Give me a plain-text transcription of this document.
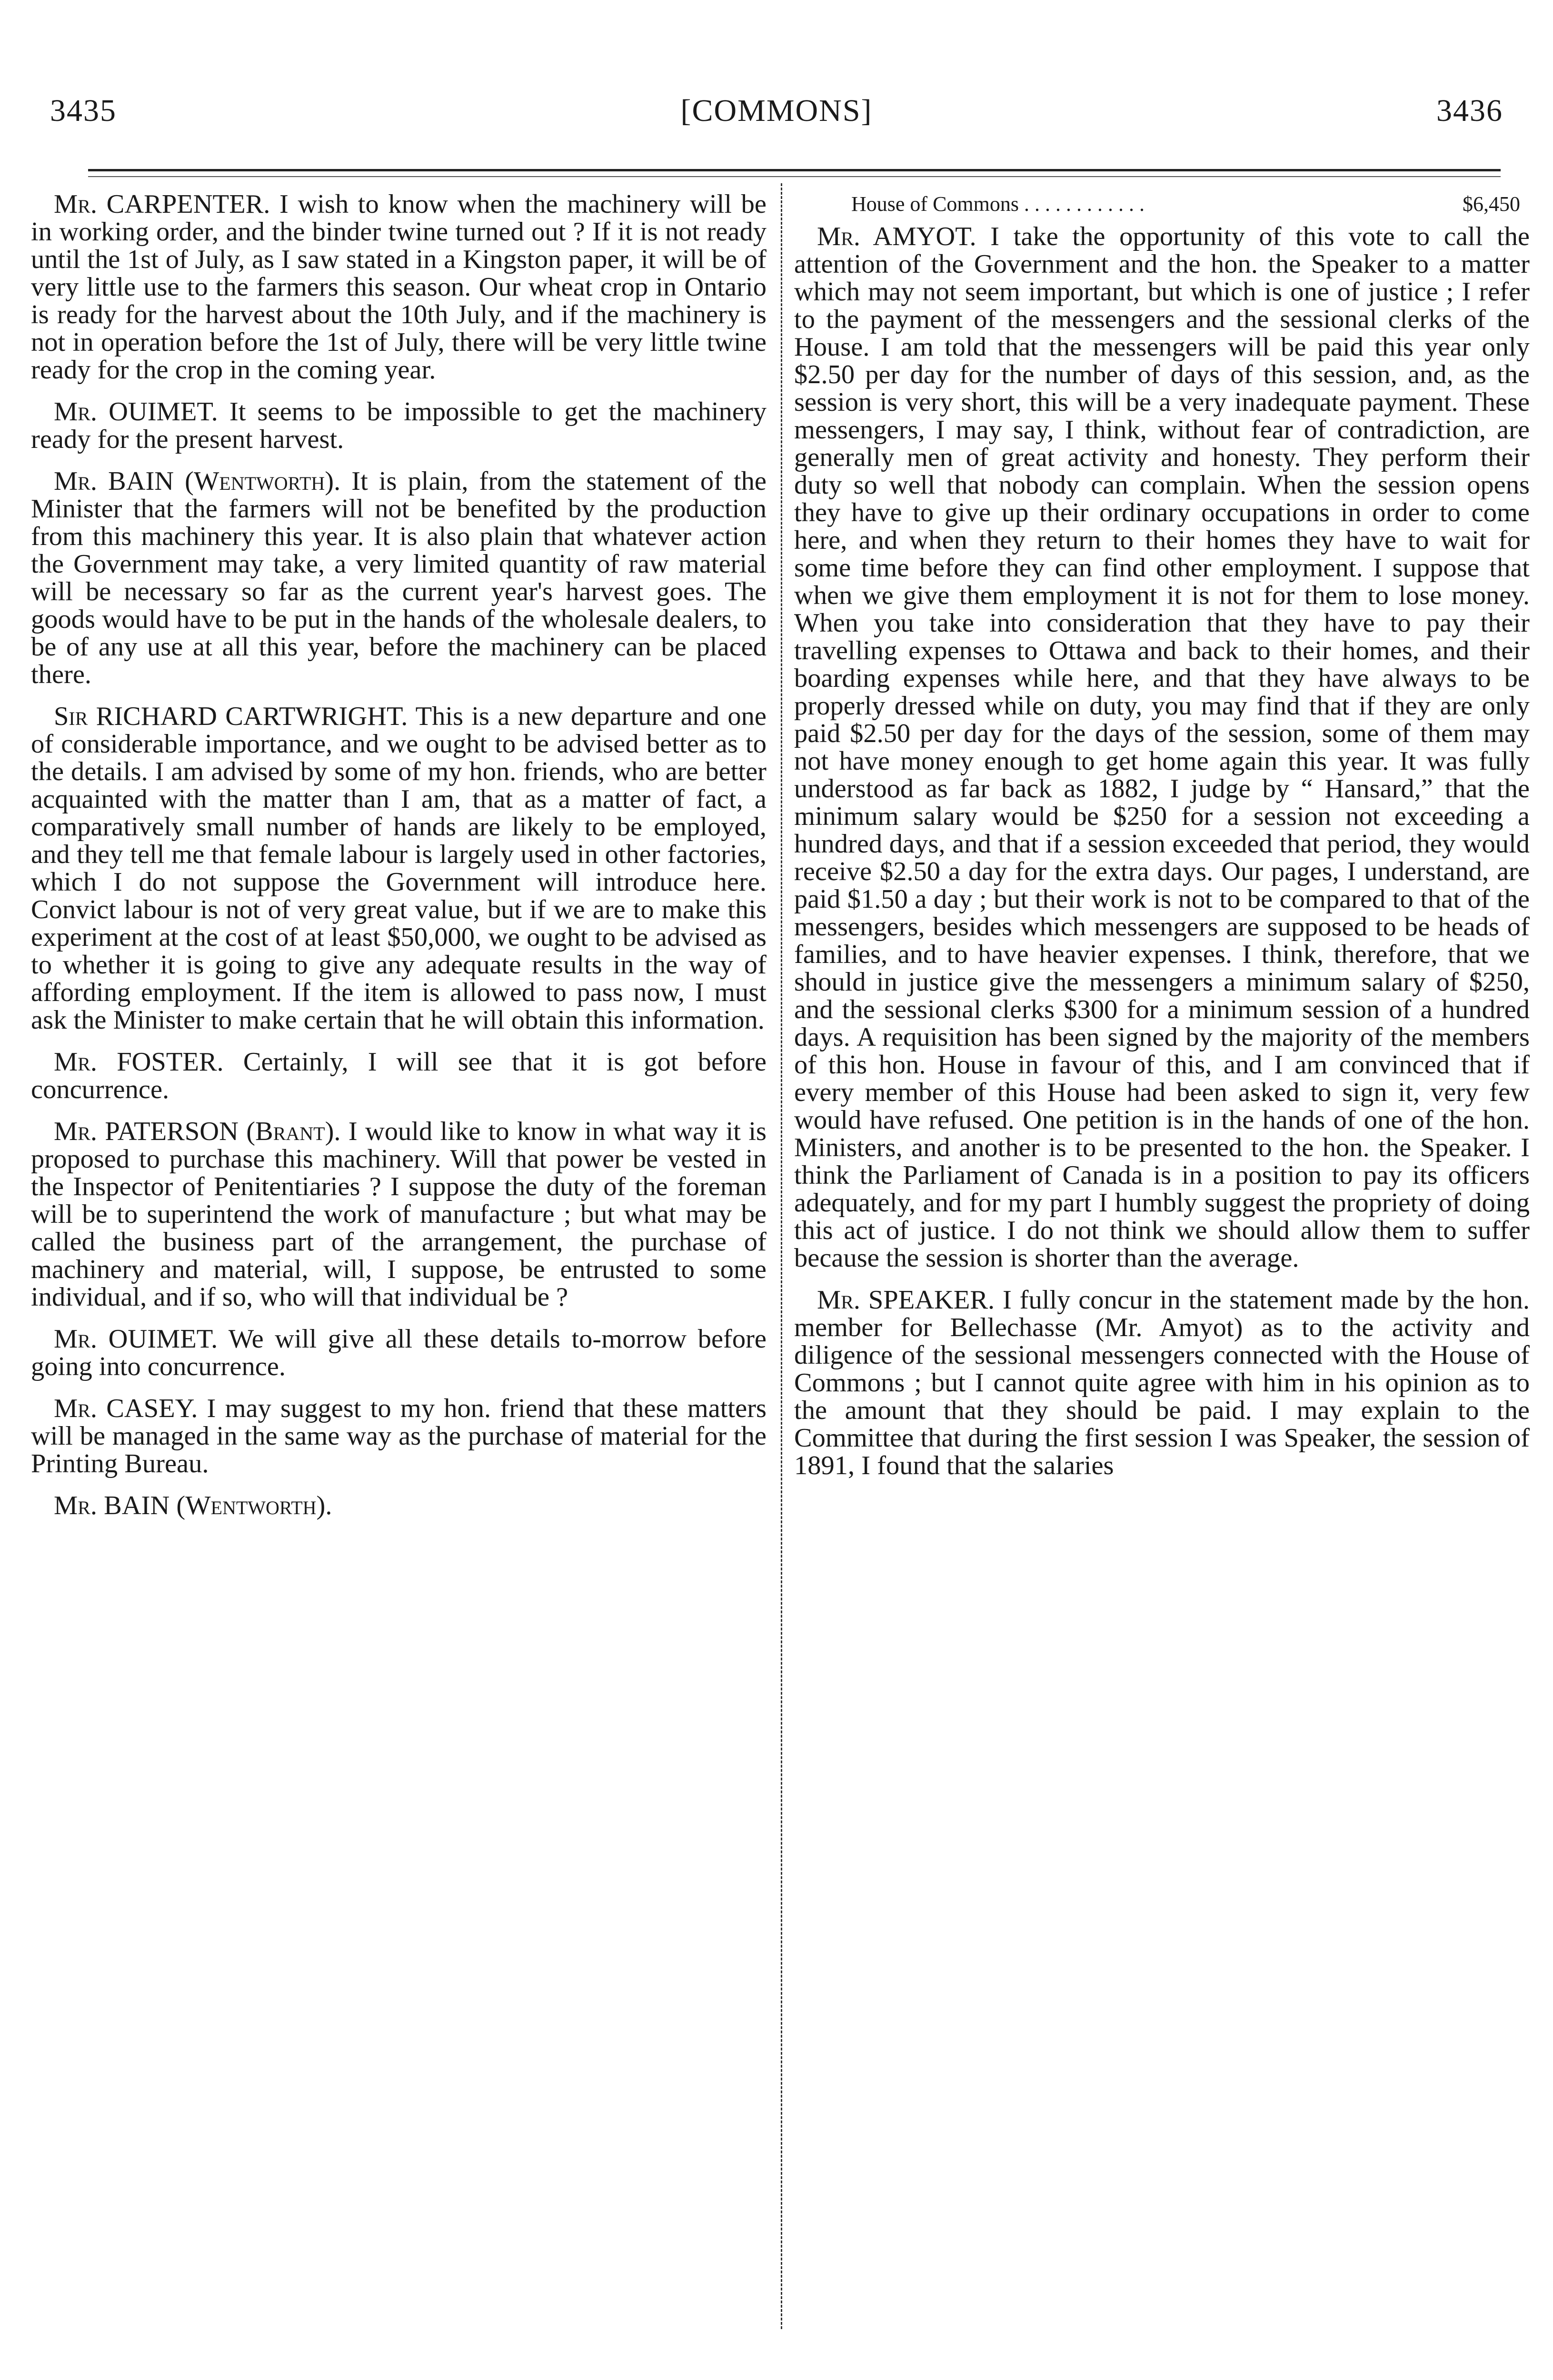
3435	[COMMONS]	3436

Mr. CARPENTER. I wish to know when the machinery will be in working order, and the binder twine turned out ? If it is not ready until the 1st of July, as I saw stated in a Kingston paper, it will be of very little use to the farmers this season. Our wheat crop in Ontario is ready for the harvest about the 10th July, and if the machinery is not in operation before the 1st of July, there will be very little twine ready for the crop in the coming year.

Mr. OUIMET. It seems to be impossible to get the machinery ready for the present harvest.

Mr. BAIN (Wentworth). It is plain, from the statement of the Minister that the farmers will not be benefited by the production from this machinery this year. It is also plain that whatever action the Government may take, a very limited quantity of raw material will be necessary so far as the current year's harvest goes. The goods would have to be put in the hands of the wholesale dealers, to be of any use at all this year, before the machinery can be placed there.

Sir RICHARD CARTWRIGHT. This is a new departure and one of considerable importance, and we ought to be advised better as to the details. I am advised by some of my hon. friends, who are better acquainted with the matter than I am, that as a matter of fact, a comparatively small number of hands are likely to be employed, and they tell me that female labour is largely used in other factories, which I do not suppose the Government will introduce here. Convict labour is not of very great value, but if we are to make this experiment at the cost of at least $50,000, we ought to be advised as to whether it is going to give any adequate results in the way of affording employment. If the item is allowed to pass now, I must ask the Minister to make certain that he will obtain this information.

Mr. FOSTER. Certainly, I will see that it is got before concurrence.

Mr. PATERSON (Brant). I would like to know in what way it is proposed to purchase this machinery. Will that power be vested in the Inspector of Penitentiaries ? I suppose the duty of the foreman will be to superintend the work of manufacture ; but what may be called the business part of the arrangement, the purchase of machinery and material, will, I suppose, be entrusted to some individual, and if so, who will that individual be ?

Mr. OUIMET. We will give all these details to-morrow before going into concurrence.

Mr. CASEY. I may suggest to my hon. friend that these matters will be managed in the same way as the purchase of material for the Printing Bureau.

Mr. BAIN (Wentworth).

House of Commons . . . . . . . . . . . .	$6,450

Mr. AMYOT. I take the opportunity of this vote to call the attention of the Government and the hon. the Speaker to a matter which may not seem important, but which is one of justice ; I refer to the payment of the messengers and the sessional clerks of the House. I am told that the messengers will be paid this year only $2.50 per day for the number of days of this session, and, as the session is very short, this will be a very inadequate payment. These messengers, I may say, I think, without fear of contradiction, are generally men of great activity and honesty. They perform their duty so well that nobody can complain. When the session opens they have to give up their ordinary occupations in order to come here, and when they return to their homes they have to wait for some time before they can find other employment. I suppose that when we give them employment it is not for them to lose money. When you take into consideration that they have to pay their travelling expenses to Ottawa and back to their homes, and their boarding expenses while here, and that they have always to be properly dressed while on duty, you may find that if they are only paid $2.50 per day for the days of the session, some of them may not have money enough to get home again this year. It was fully understood as far back as 1882, I judge by “ Hansard,” that the minimum salary would be $250 for a session not exceeding a hundred days, and that if a session exceeded that period, they would receive $2.50 a day for the extra days. Our pages, I understand, are paid $1.50 a day ; but their work is not to be compared to that of the messengers, besides which messengers are supposed to be heads of families, and to have heavier expenses. I think, therefore, that we should in justice give the messengers a minimum salary of $250, and the sessional clerks $300 for a minimum session of a hundred days. A requisition has been signed by the majority of the members of this hon. House in favour of this, and I am convinced that if every member of this House had been asked to sign it, very few would have refused. One petition is in the hands of one of the hon. Ministers, and another is to be presented to the hon. the Speaker. I think the Parliament of Canada is in a position to pay its officers adequately, and for my part I humbly suggest the propriety of doing this act of justice. I do not think we should allow them to suffer because the session is shorter than the average.

Mr. SPEAKER. I fully concur in the statement made by the hon. member for Bellechasse (Mr. Amyot) as to the activity and diligence of the sessional messengers connected with the House of Commons ; but I cannot quite agree with him in his opinion as to the amount that they should be paid. I may explain to the Committee that during the first session I was Speaker, the session of 1891, I found that the salaries
